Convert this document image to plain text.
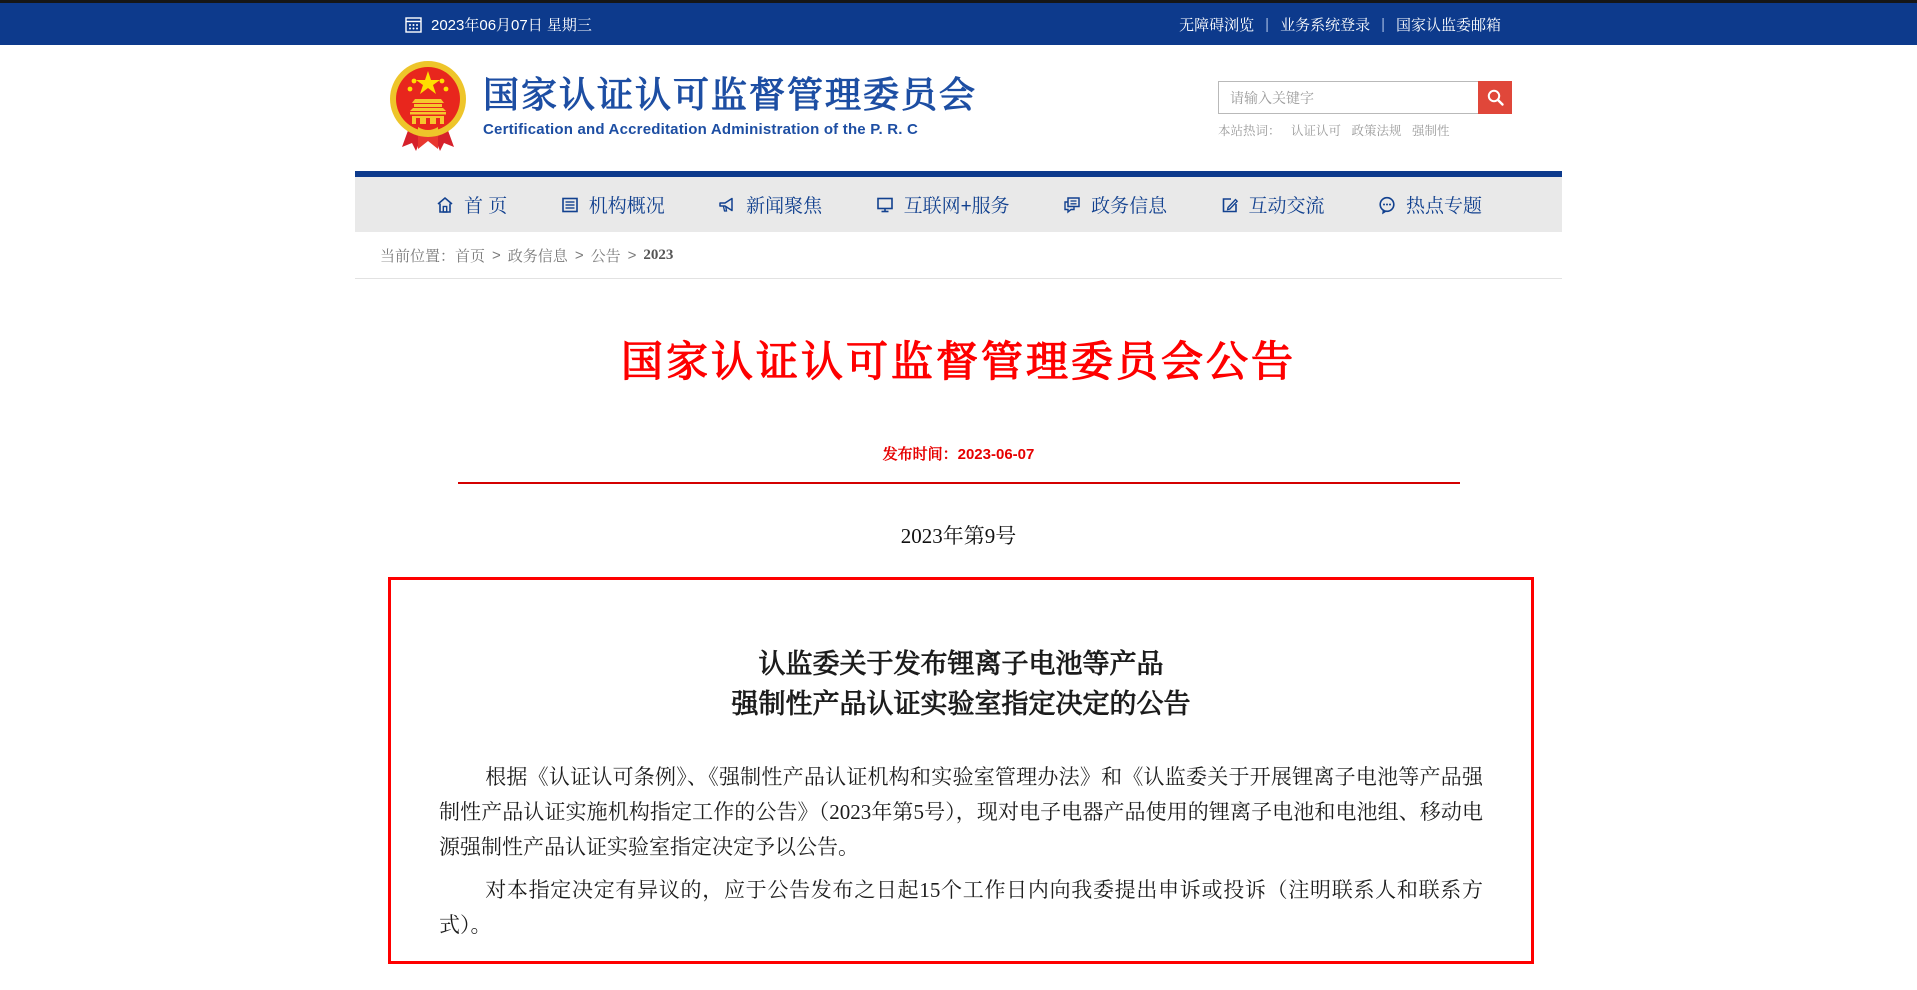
2023年06月07日 星期三	无障碍浏览 | 业务系统登录 | 国家认监委邮箱
国家认证认可监督管理委员会
Certification and Accreditation Administration of the P. R. C
请输入关键字	本站热词： 认证认可 政策法规 强制性
首 页	机构概况	新闻聚焦	互联网+服务	政务信息	互动交流	热点专题
当前位置： 首页 > 政务信息 > 公告 > 2023
国家认证认可监督管理委员会公告
发布时间：2023-06-07
2023年第9号
认监委关于发布锂离子电池等产品
强制性产品认证实验室指定决定的公告

根据《认证认可条例》、《强制性产品认证机构和实验室管理办法》和《认监委关于开展锂离子电池等产品强制性产品认证实施机构指定工作的公告》（2023年第5号），现对电子电器产品使用的锂离子电池和电池组、移动电源强制性产品认证实验室指定决定予以公告。

对本指定决定有异议的，应于公告发布之日起15个工作日内向我委提出申诉或投诉（注明联系人和联系方式）。
